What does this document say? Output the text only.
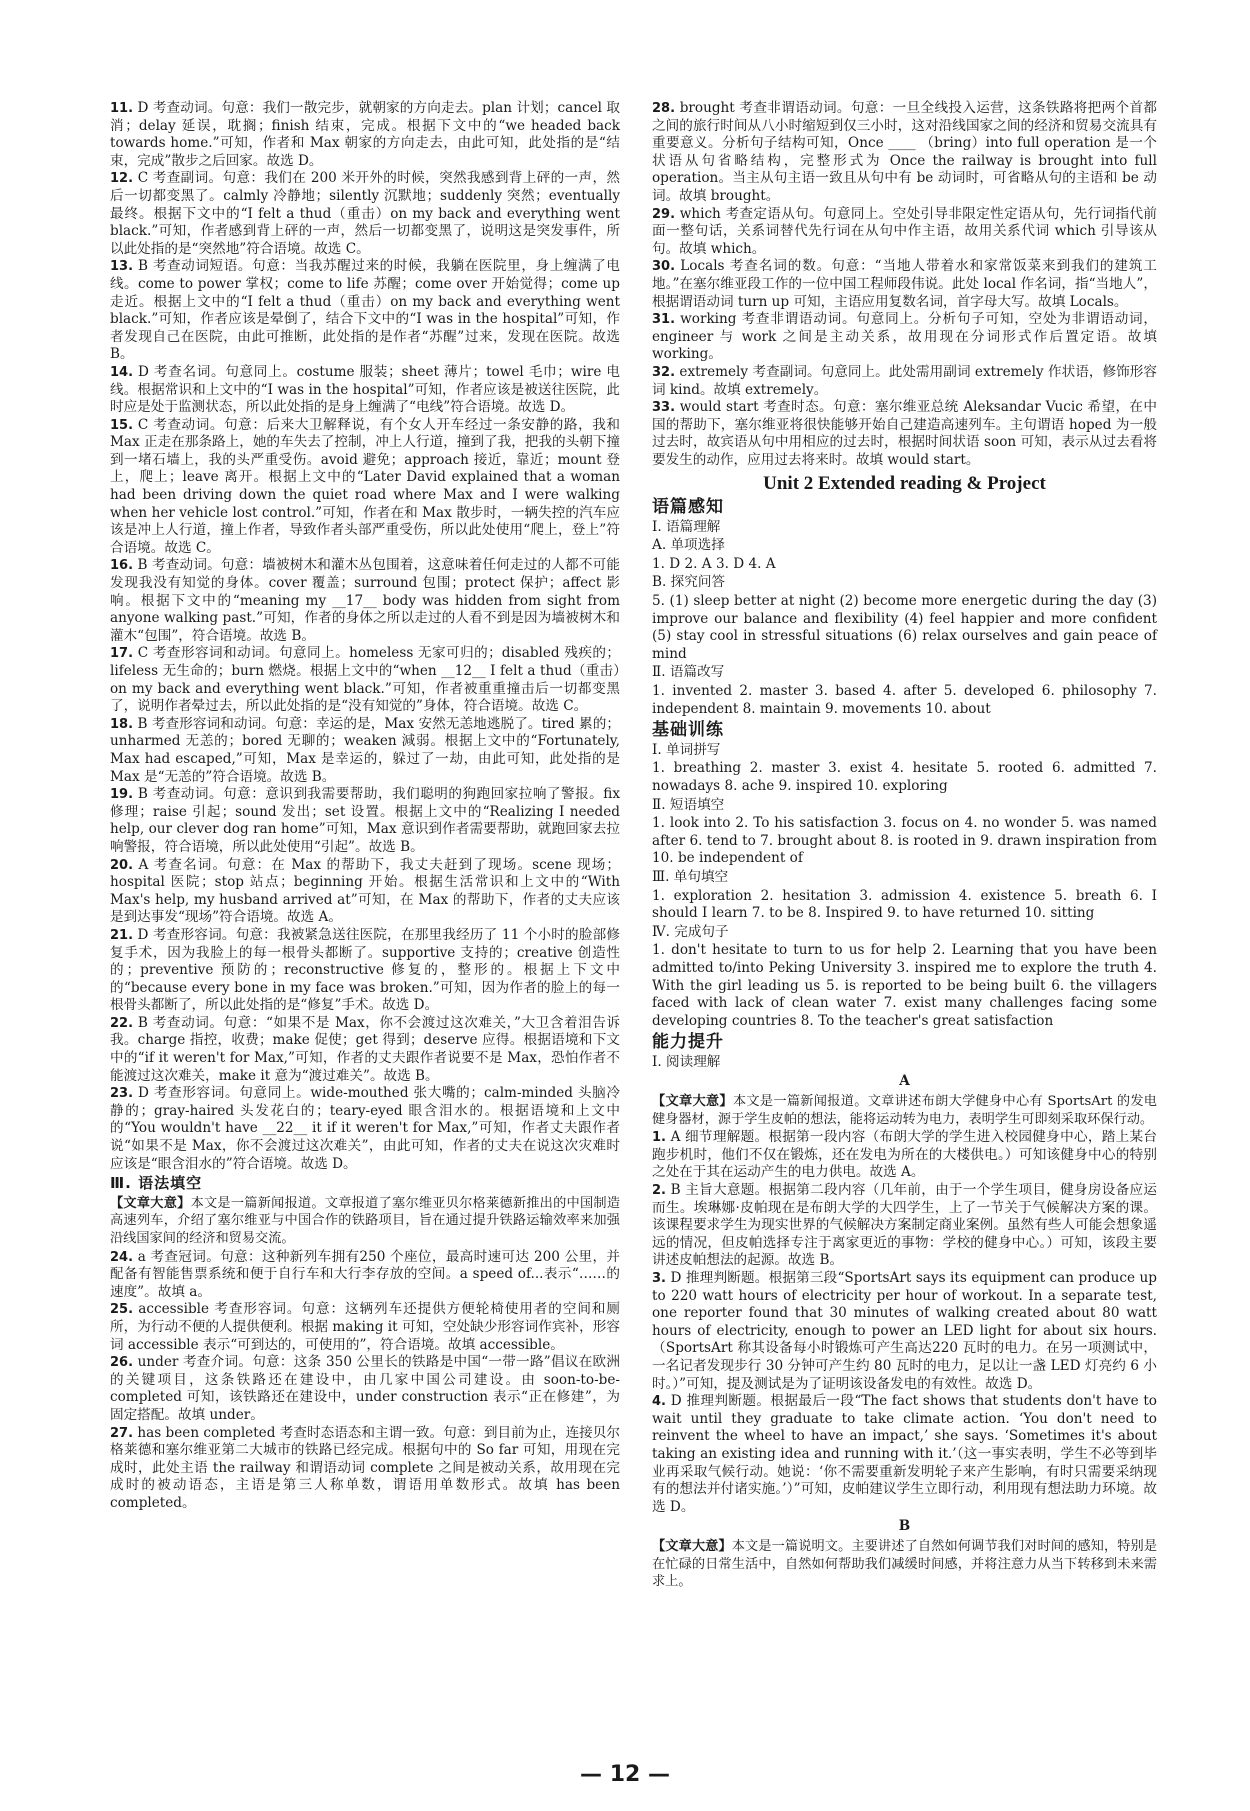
11. D 考查动词。句意：我们一散完步，就朝家的方向走去。plan 计划；cancel 取消；delay 延误，耽搁；finish 结束，完成。根据下文中的“we headed back towards home.”可知，作者和 Max 朝家的方向走去，由此可知，此处指的是“结束，完成”散步之后回家。故选 D。

12. C 考查副词。句意：我们在 200 米开外的时候，突然我感到背上砰的一声，然后一切都变黑了。calmly 冷静地；silently 沉默地；suddenly 突然；eventually 最终。根据下文中的“I felt a thud（重击）on my back and everything went black.”可知，作者感到背上砰的一声，然后一切都变黑了，说明这是突发事件，所以此处指的是“突然地”符合语境。故选 C。

13. B 考查动词短语。句意：当我苏醒过来的时候，我躺在医院里，身上缠满了电线。come to power 掌权；come to life 苏醒；come over 开始觉得；come up 走近。根据上文中的“I felt a thud（重击）on my back and everything went black.”可知，作者应该是晕倒了，结合下文中的“I was in the hospital”可知，作者发现自己在医院，由此可推断，此处指的是作者“苏醒”过来，发现在医院。故选 B。

14. D 考查名词。句意同上。costume 服装；sheet 薄片；towel 毛巾；wire 电线。根据常识和上文中的“I was in the hospital”可知，作者应该是被送往医院，此时应是处于监测状态，所以此处指的是身上缠满了“电线”符合语境。故选 D。

15. C 考查动词。句意：后来大卫解释说，有个女人开车经过一条安静的路，我和 Max 正走在那条路上，她的车失去了控制，冲上人行道，撞到了我，把我的头朝下撞到一堵石墙上，我的头严重受伤。avoid 避免；approach 接近，靠近；mount 登上，爬上；leave 离开。根据上文中的“Later David explained that a woman had been driving down the quiet road where Max and I were walking when her vehicle lost control.”可知，作者在和 Max 散步时，一辆失控的汽车应该是冲上人行道，撞上作者，导致作者头部严重受伤，所以此处使用“爬上，登上”符合语境。故选 C。

16. B 考查动词。句意：墙被树木和灌木丛包围着，这意味着任何走过的人都不可能发现我没有知觉的身体。cover 覆盖；surround 包围；protect 保护；affect 影响。根据下文中的“meaning my __17__ body was hidden from sight from anyone walking past.”可知，作者的身体之所以走过的人看不到是因为墙被树木和灌木“包围”，符合语境。故选 B。

17. C 考查形容词和动词。句意同上。homeless 无家可归的；disabled 残疾的；lifeless 无生命的；burn 燃烧。根据上文中的“when __12__ I felt a thud（重击）on my back and everything went black.”可知，作者被重重撞击后一切都变黑了，说明作者晕过去，所以此处指的是“没有知觉的”身体，符合语境。故选 C。

18. B 考查形容词和动词。句意：幸运的是，Max 安然无恙地逃脱了。tired 累的；unharmed 无恙的；bored 无聊的；weaken 減弱。根据上文中的“Fortunately, Max had escaped,”可知，Max 是幸运的，躲过了一劫，由此可知，此处指的是 Max 是“无恙的”符合语境。故选 B。

19. B 考查动词。句意：意识到我需要帮助，我们聪明的狗跑回家拉响了警报。fix 修理；raise 引起；sound 发出；set 设置。根据上文中的“Realizing I needed help, our clever dog ran home”可知，Max 意识到作者需要帮助，就跑回家去拉响警报，符合语境，所以此处使用“引起”。故选 B。

20. A 考查名词。句意：在 Max 的帮助下，我丈夫赶到了现场。scene 现场；hospital 医院；stop 站点；beginning 开始。根据生活常识和上文中的“With Max's help, my husband arrived at”可知，在 Max 的帮助下，作者的丈夫应该是到达事发“现场”符合语境。故选 A。

21. D 考查形容词。句意：我被紧急送往医院，在那里我经历了 11 个小时的脸部修复手术，因为我脸上的每一根骨头都断了。supportive 支持的；creative 创造性的；preventive 预防的；reconstructive 修复的，整形的。根据上下文中的“because every bone in my face was broken.”可知，因为作者的脸上的每一根骨头都断了，所以此处指的是“修复”手术。故选 D。

22. B 考查动词。句意：“如果不是 Max，你不会渡过这次难关，”大卫含着泪告诉我。charge 指控，收费；make 促使；get 得到；deserve 应得。根据语境和下文中的“if it weren't for Max,”可知，作者的丈夫跟作者说要不是 Max，恐怕作者不能渡过这次难关，make it 意为“渡过难关”。故选 B。

23. D 考查形容词。句意同上。wide-mouthed 张大嘴的；calm-minded 头脑冷静的；gray-haired 头发花白的；teary-eyed 眼含泪水的。根据语境和上文中的“You wouldn't have __22__ it if it weren't for Max,”可知，作者丈夫跟作者说“如果不是 Max，你不会渡过这次难关”，由此可知，作者的丈夫在说这次灾难时应该是“眼含泪水的”符合语境。故选 D。

Ⅲ. 语法填空

【文章大意】本文是一篇新闻报道。文章报道了塞尔维亚贝尔格莱德新推出的中国制造高速列车，介绍了塞尔维亚与中国合作的铁路项目，旨在通过提升铁路运输效率来加强沿线国家间的经济和贸易交流。

24. a 考查冠词。句意：这种新列车拥有250 个座位，最高时速可达 200 公里，并配备有智能售票系统和便于自行车和大行李存放的空间。a speed of...表示“……的速度”。故填 a。

25. accessible 考查形容词。句意：这辆列车还提供方便轮椅使用者的空间和厕所，为行动不便的人提供便利。根据 making it 可知，空处缺少形容词作宾补，形容词 accessible 表示“可到达的，可使用的”，符合语境。故填 accessible。

26. under 考查介词。句意：这条 350 公里长的铁路是中国“一带一路”倡议在欧洲的关键项目，这条铁路还在建设中，由几家中国公司建设。由 soon-to-be-completed 可知，该铁路还在建设中，under construction 表示“正在修建”，为固定搭配。故填 under。

27. has been completed 考查时态语态和主谓一致。句意：到目前为止，连接贝尔格莱德和塞尔维亚第二大城市的铁路已经完成。根据句中的 So far 可知，用现在完成时，此处主语 the railway 和谓语动词 complete 之间是被动关系，故用现在完成时的被动语态，主语是第三人称单数，谓语用单数形式。故填 has been completed。

28. brought 考查非谓语动词。句意：一旦全线投入运营，这条铁路将把两个首都之间的旅行时间从八小时缩短到仅三小时，这对沿线国家之间的经济和贸易交流具有重要意义。分析句子结构可知，Once ____ （bring）into full operation 是一个状语从句省略结构，完整形式为 Once the railway is brought into full operation。当主从句主语一致且从句中有 be 动词时，可省略从句的主语和 be 动词。故填 brought。

29. which 考查定语从句。句意同上。空处引导非限定性定语从句，先行词指代前面一整句话，关系词替代先行词在从句中作主语，故用关系代词 which 引导该从句。故填 which。

30. Locals 考查名词的数。句意：“当地人带着水和家常饭菜来到我们的建筑工地。”在塞尔维亚段工作的一位中国工程师段伟说。此处 local 作名词，指“当地人”，根据谓语动词 turn up 可知，主语应用复数名词，首字母大写。故填 Locals。

31. working 考查非谓语动词。句意同上。分析句子可知，空处为非谓语动词，engineer 与 work 之间是主动关系，故用现在分词形式作后置定语。故填 working。

32. extremely 考查副词。句意同上。此处需用副词 extremely 作状语，修饰形容词 kind。故填 extremely。

33. would start 考查时态。句意：塞尔维亚总统 Aleksandar Vucic 希望，在中国的帮助下，塞尔维亚将很快能够开始自己建造高速列车。主句谓语 hoped 为一般过去时，故宾语从句中用相应的过去时，根据时间状语 soon 可知，表示从过去看将要发生的动作，应用过去将来时。故填 would start。

Unit 2 Extended reading & Project
语篇感知

Ⅰ. 语篇理解

A. 单项选择

1. D 2. A 3. D 4. A

B. 探究问答

5. (1) sleep better at night (2) become more energetic during the day (3) improve our balance and flexibility (4) feel happier and more confident (5) stay cool in stressful situations (6) relax ourselves and gain peace of mind

Ⅱ. 语篇改写

1. invented 2. master 3. based 4. after 5. developed 6. philosophy 7. independent 8. maintain 9. movements 10. about

基础训练

Ⅰ. 单词拼写

1. breathing 2. master 3. exist 4. hesitate 5. rooted 6. admitted 7. nowadays 8. ache 9. inspired 10. exploring

Ⅱ. 短语填空

1. look into 2. To his satisfaction 3. focus on 4. no wonder 5. was named after 6. tend to 7. brought about 8. is rooted in 9. drawn inspiration from 10. be independent of

Ⅲ. 单句填空

1. exploration 2. hesitation 3. admission 4. existence 5. breath 6. I should I learn 7. to be 8. Inspired 9. to have returned 10. sitting

Ⅳ. 完成句子

1. don't hesitate to turn to us for help 2. Learning that you have been admitted to/into Peking University 3. inspired me to explore the truth 4. With the girl leading us 5. is reported to be being built 6. the villagers faced with lack of clean water 7. exist many challenges facing some developing countries 8. To the teacher's great satisfaction

能力提升

Ⅰ. 阅读理解

A

【文章大意】本文是一篇新闻报道。文章讲述布朗大学健身中心有 SportsArt 的发电健身器材，源于学生皮帕的想法，能将运动转为电力，表明学生可即刻采取环保行动。

1. A 细节理解题。根据第一段内容（布朗大学的学生进入校园健身中心，踏上某台跑步机时，他们不仅在锻炼，还在发电为所在的大楼供电。）可知该健身中心的特别之处在于其在运动产生的电力供电。故选 A。

2. B 主旨大意题。根据第二段内容（几年前，由于一个学生项目，健身房设备应运而生。埃琳娜·皮帕现在是布朗大学的大四学生，上了一节关于气候解决方案的课。该课程要求学生为现实世界的气候解决方案制定商业案例。虽然有些人可能会想象遥远的情况，但皮帕选择专注于离家更近的事物：学校的健身中心。）可知，该段主要讲述皮帕想法的起源。故选 B。

3. D 推理判断题。根据第三段“SportsArt says its equipment can produce up to 220 watt hours of electricity per hour of workout. In a separate test, one reporter found that 30 minutes of walking created about 80 watt hours of electricity, enough to power an LED light for about six hours.（SportsArt 称其设备每小时锻炼可产生高达220 瓦时的电力。在另一项测试中，一名记者发现步行 30 分钟可产生约 80 瓦时的电力，足以让一盏 LED 灯亮约 6 小时。）”可知，提及测试是为了证明该设备发电的有效性。故选 D。

4. D 推理判断题。根据最后一段“The fact shows that students don't have to wait until they graduate to take climate action. ‘You don't need to reinvent the wheel to have an impact,’ she says. ‘Sometimes it's about taking an existing idea and running with it.’（这一事实表明，学生不必等到毕业再采取气候行动。她说：‘你不需要重新发明轮子来产生影响，有时只需要采纳现有的想法并付诸实施。’）”可知，皮帕建议学生立即行动，利用现有想法助力环境。故选 D。

B

【文章大意】本文是一篇说明文。主要讲述了自然如何调节我们对时间的感知，特别是在忙碌的日常生活中，自然如何帮助我们减缓时间感，并将注意力从当下转移到未来需求上。

— 12 —
